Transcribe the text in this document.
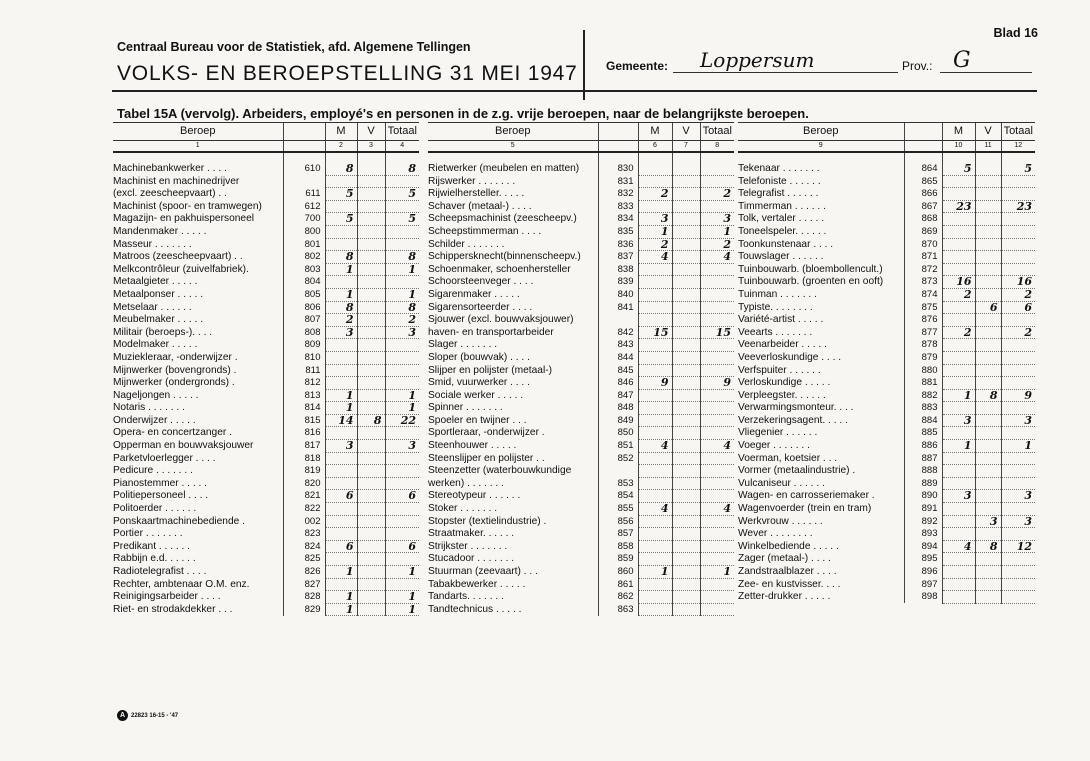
Centraal Bureau voor de Statistiek, afd. Algemene Tellingen
VOLKS- EN BEROEPSTELLING 31 MEI 1947
Blad 16
Gemeente: Loppersum	Prov.: G
Tabel 15A (vervolg). Arbeiders, employé's en personen in de z.g. vrije beroepen, naar de belangrijkste beroepen.
Beroep		M	V	Totaal
1		2	3	4

Machinebankwerker . . . .	610	8		8
Machinist en machinedrijver				
(excl. zeescheepvaart) . .	611	5		5
Machinist (spoor- en tramwegen)	612			
Magazijn- en pakhuispersoneel	700	5		5
Mandenmaker . . . . .	800			
Masseur . . . . . . .	801			
Matroos (zeescheepvaart) . .	802	8		8
Melkcontrôleur (zuivelfabriek).	803	1		1
Metaalgieter . . . . .	804			
Metaalponser . . . . .	805	1		1
Metselaar . . . . . .	806	8		8
Meubelmaker . . . . .	807	2		2
Militair (beroeps-). . . .	808	3		3
Modelmaker . . . . .	809			
Muziekleraar, -onderwijzer .	810			
Mijnwerker (bovengronds) .	811			
Mijnwerker (ondergronds) .	812			
Nageljongen . . . . .	813	1		1
Notaris . . . . . . .	814	1		1
Onderwijzer . . . . .	815	14	8	22
Opera- en concertzanger .	816			
Opperman en bouwvaksjouwer	817	3		3
Parketvloerlegger . . . .	818			
Pedicure . . . . . . .	819			
Pianostemmer . . . . .	820			
Politiepersoneel . . . .	821	6		6
Politoerder . . . . . .	822			
Ponskaartmachinebediende .	002			
Portier . . . . . . .	823			
Predikant . . . . . .	824	6		6
Rabbijn e.d. . . . . .	825			
Radiotelegrafist . . . .	826	1		1
Rechter, ambtenaar O.M. enz.	827			
Reinigingsarbeider . . . .	828	1		1
Riet- en strodakdekker . . .	829	1		1
Beroep		M	V	Totaal
5		6	7	8

Rietwerker (meubelen en matten)	830			
Rijswerker . . . . . . .	831			
Rijwielhersteller. . . . .	832	2		2
Schaver (metaal-) . . . .	833			
Scheepsmachinist (zeescheepv.)	834	3		3
Scheepstimmerman . . . .	835	1		1
Schilder . . . . . . .	836	2		2
Schippersknecht(binnenscheepv.)	837	4		4
Schoenmaker, schoenhersteller	838			
Schoorsteenveger . . . .	839			
Sigarenmaker . . . . .	840			
Sigarensorteerder . . . .	841			
Sjouwer (excl. bouwvaksjouwer)				
haven- en transportarbeider	842	15		15
Slager . . . . . . .	843			
Sloper (bouwvak) . . . .	844			
Slijper en polijster (metaal-)	845			
Smid, vuurwerker . . . .	846	9		9
Sociale werker . . . . .	847			
Spinner . . . . . . .	848			
Spoeler en twijner . . .	849			
Sportleraar, -onderwijzer .	850			
Steenhouwer . . . . .	851	4		4
Steenslijper en polijster . .	852			
Steenzetter (waterbouwkundige				
werken) . . . . . . .	853			
Stereotypeur . . . . . .	854			
Stoker . . . . . . .	855	4		4
Stopster (textielindustrie) .	856			
Straatmaker. . . . . .	857			
Strijkster . . . . . . .	858			
Stucadoor . . . . . . .	859			
Stuurman (zeevaart) . . .	860	1		1
Tabakbewerker . . . . .	861			
Tandarts. . . . . . .	862			
Tandtechnicus . . . . .	863			
Beroep		M	V	Totaal
9		10	11	12

Tekenaar . . . . . . .	864	5		5
Telefoniste . . . . . .	865			
Telegrafist . . . . . .	866			
Timmerman . . . . . .	867	23		23
Tolk, vertaler . . . . .	868			
Toneelspeler. . . . . .	869			
Toonkunstenaar . . . .	870			
Touwslager . . . . . .	871			
Tuinbouwarb. (bloembollencult.)	872			
Tuinbouwarb. (groenten en ooft)	873	16		16
Tuinman . . . . . . .	874	2		2
Typiste. . . . . . . .	875		6	6
Variété-artist . . . . .	876			
Veearts . . . . . . .	877	2		2
Veenarbeider . . . . .	878			
Veeverloskundige . . . .	879			
Verfspuiter . . . . . .	880			
Verloskundige . . . . .	881			
Verpleegster. . . . . .	882	1	8	9
Verwarmingsmonteur. . . .	883			
Verzekeringsagent. . . . .	884	3		3
Vliegenier . . . . . .	885			
Voeger . . . . . . .	886	1		1
Voerman, koetsier . . .	887			
Vormer (metaalindustrie) .	888			
Vulcaniseur . . . . . .	889			
Wagen- en carrosseriemaker .	890	3		3
Wagenvoerder (trein en tram)	891			
Werkvrouw . . . . . .	892		3	3
Wever . . . . . . . .	893			
Winkelbediende . . . . .	894	4	8	12
Zager (metaal-) . . . .	895			
Zandstraalblazer . . . .	896			
Zee- en kustvisser. . . .	897			
Zetter-drukker . . . . .	898			
A 22823 16-15 - '47
